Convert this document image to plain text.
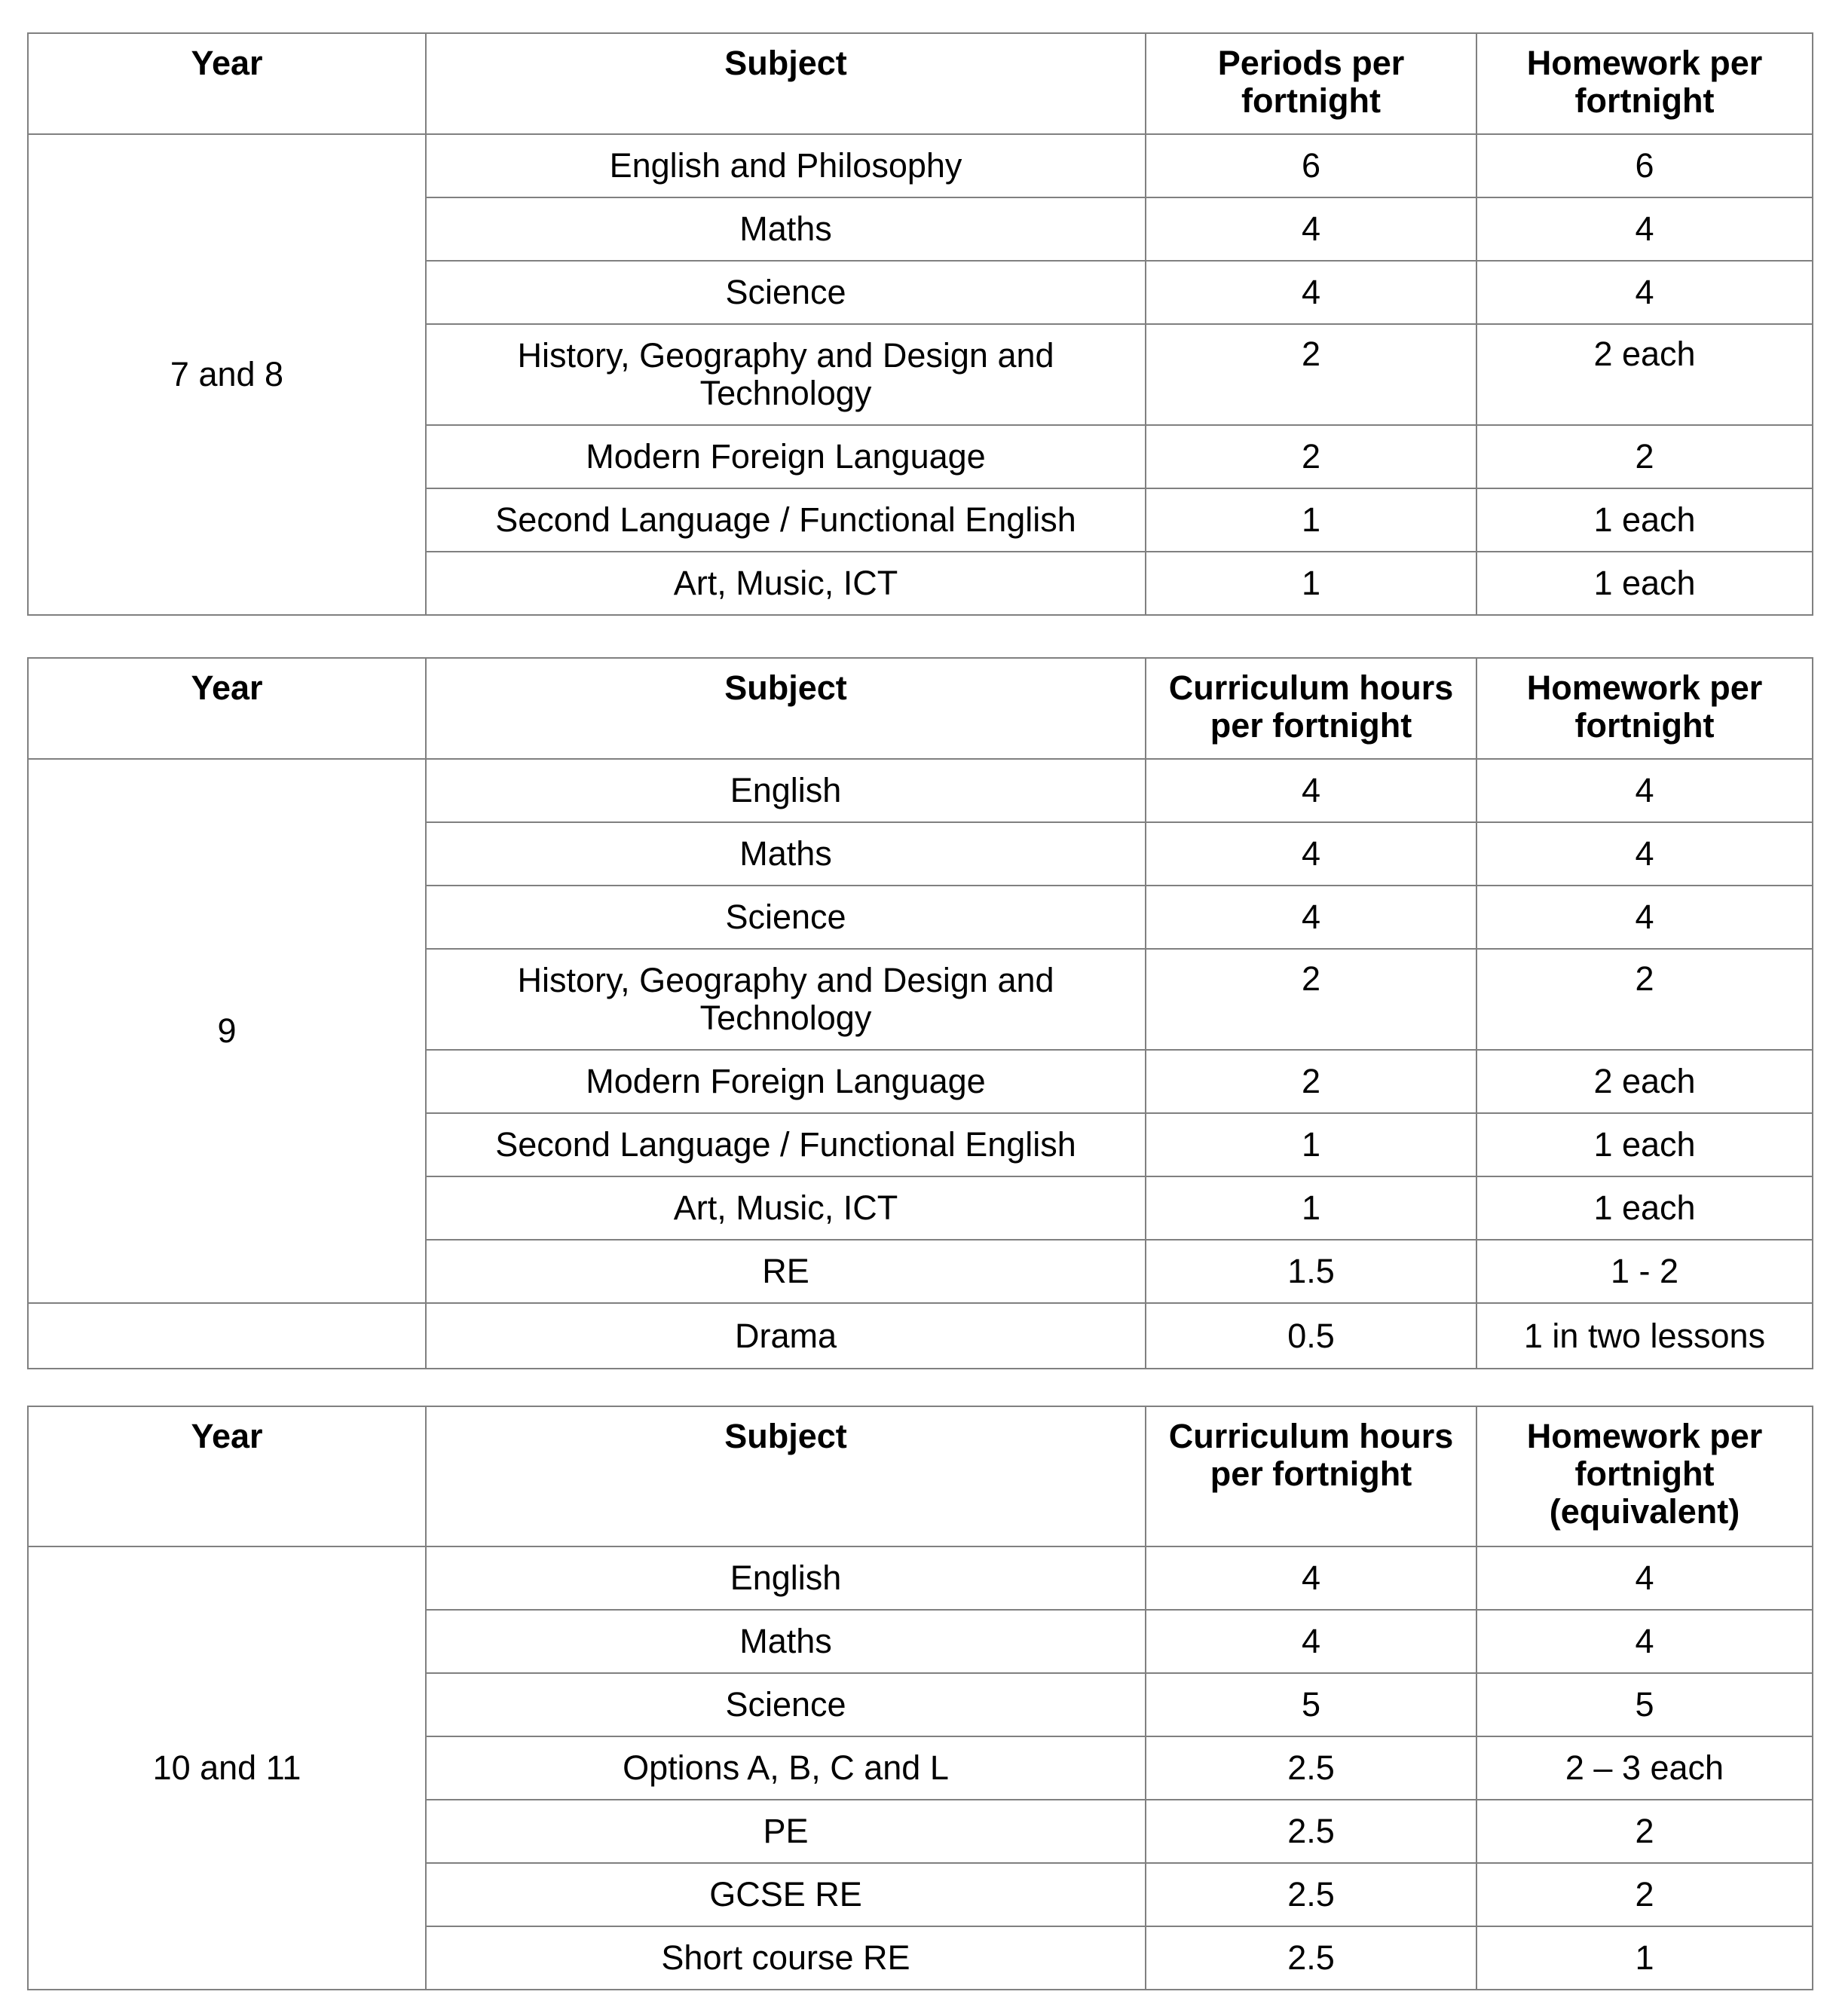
Year	Subject	Periods per fortnight	Homework per fortnight
7 and 8	English and Philosophy	6	6
	Maths	4	4
	Science	4	4
	History, Geography and Design and Technology	2	2 each
	Modern Foreign Language	2	2
	Second Language / Functional English	1	1 each
	Art, Music, ICT	1	1 each
Year	Subject	Curriculum hours per fortnight	Homework per fortnight
9	English	4	4
	Maths	4	4
	Science	4	4
	History, Geography and Design and Technology	2	2
	Modern Foreign Language	2	2 each
	Second Language / Functional English	1	1 each
	Art, Music, ICT	1	1 each
	RE	1.5	1 - 2
	Drama	0.5	1 in two lessons
Year	Subject	Curriculum hours per fortnight	Homework per fortnight (equivalent)
10 and 11	English	4	4
	Maths	4	4
	Science	5	5
	Options A, B, C and L	2.5	2 – 3 each
	PE	2.5	2
	GCSE RE	2.5	2
	Short course RE	2.5	1
